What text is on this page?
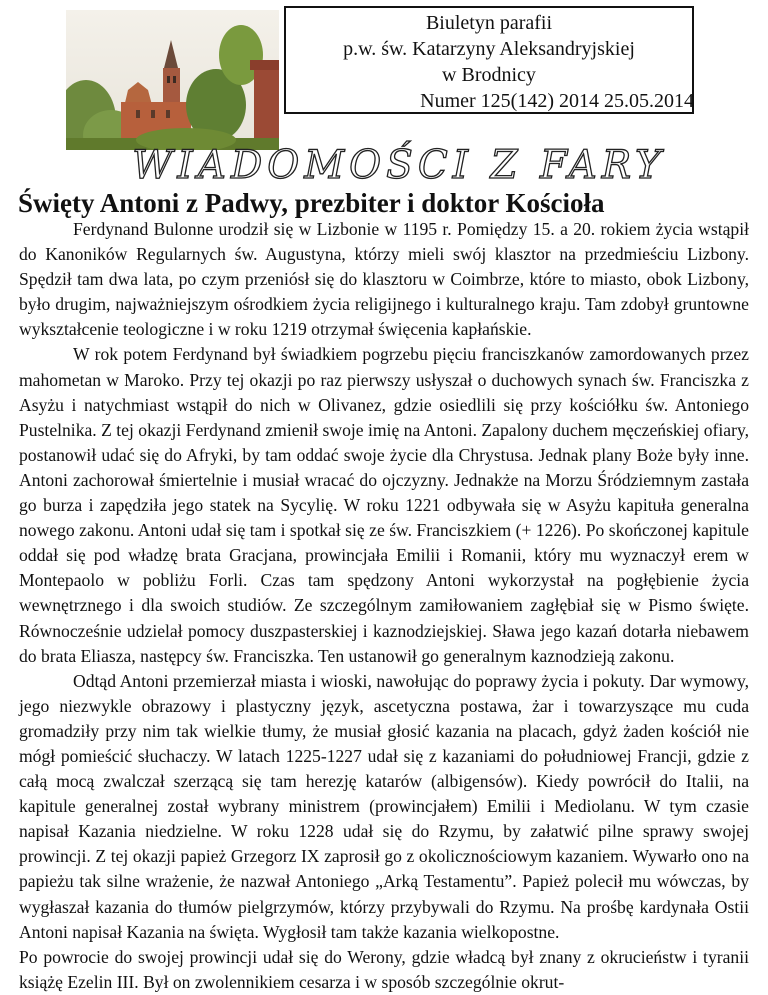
Biuletyn parafii
p.w. św. Katarzyny Aleksandryjskiej
w Brodnicy
Numer 125(142) 2014 25.05.2014
WIADOMOŚCI Z FARY
Święty Antoni z Padwy, prezbiter i doktor Kościoła

Ferdynand Bulonne urodził się w Lizbonie w 1195 r. Pomiędzy 15. a 20. rokiem życia wstąpił do Kanoników Regularnych św. Augustyna, którzy mieli swój klasztor na przedmieściu Lizbony. Spędził tam dwa lata, po czym przeniósł się do klasztoru w Coimbrze, które to miasto, obok Lizbony, było drugim, najważniejszym ośrodkiem życia religijnego i kulturalnego kraju. Tam zdobył gruntowne wykształcenie teologiczne i w roku 1219 otrzymał święcenia kapłańskie.

W rok potem Ferdynand był świadkiem pogrzebu pięciu franciszkanów zamordowanych przez mahometan w Maroko. Przy tej okazji po raz pierwszy usłyszał o duchowych synach św. Franciszka z Asyżu i natychmiast wstąpił do nich w Olivanez, gdzie osiedlili się przy kościółku św. Antoniego Pustelnika. Z tej okazji Ferdynand zmienił swoje imię na Antoni. Zapalony duchem męczeńskiej ofiary, postanowił udać się do Afryki, by tam oddać swoje życie dla Chrystusa. Jednak plany Boże były inne. Antoni zachorował śmiertelnie i musiał wracać do ojczyzny. Jednakże na Morzu Śródziemnym zastała go burza i zapędziła jego statek na Sycylię. W roku 1221 odbywała się w Asyżu kapituła generalna nowego zakonu. Antoni udał się tam i spotkał się ze św. Franciszkiem (+ 1226). Po skończonej kapitule oddał się pod władzę brata Gracjana, prowincjała Emilii i Romanii, który mu wyznaczył erem w Montepaolo w pobliżu Forli. Czas tam spędzony Antoni wykorzystał na pogłębienie życia wewnętrznego i dla swoich studiów. Ze szczególnym zamiłowaniem zagłębiał się w Pismo święte. Równocześnie udzielał pomocy duszpasterskiej i kaznodziejskiej. Sława jego kazań dotarła niebawem do brata Eliasza, następcy św. Franciszka. Ten ustanowił go generalnym kaznodzieją zakonu.

Odtąd Antoni przemierzał miasta i wioski, nawołując do poprawy życia i pokuty. Dar wymowy, jego niezwykle obrazowy i plastyczny język, ascetyczna postawa, żar i towarzyszące mu cuda gromadziły przy nim tak wielkie tłumy, że musiał głosić kazania na placach, gdyż żaden kościół nie mógł pomieścić słuchaczy. W latach 1225-1227 udał się z kazaniami do południowej Francji, gdzie z całą mocą zwalczał szerzącą się tam herezję katarów (albigensów). Kiedy powrócił do Italii, na kapitule generalnej został wybrany ministrem (prowincjałem) Emilii i Mediolanu. W tym czasie napisał Kazania niedzielne. W roku 1228 udał się do Rzymu, by załatwić pilne sprawy swojej prowincji. Z tej okazji papież Grzegorz IX zaprosił go z okolicznościowym kazaniem. Wywarło ono na papieżu tak silne wrażenie, że nazwał Antoniego „Arką Testamentu”. Papież polecił mu wówczas, by wygłaszał kazania do tłumów pielgrzymów, którzy przybywali do Rzymu. Na prośbę kardynała Ostii Antoni napisał Kazania na święta. Wygłosił tam także kazania wielkopostne.

Po powrocie do swojej prowincji udał się do Werony, gdzie władcą był znany z okrucieństw i tyranii książę Ezelin III. Był on zwolennikiem cesarza i w sposób szczególnie okrut-
